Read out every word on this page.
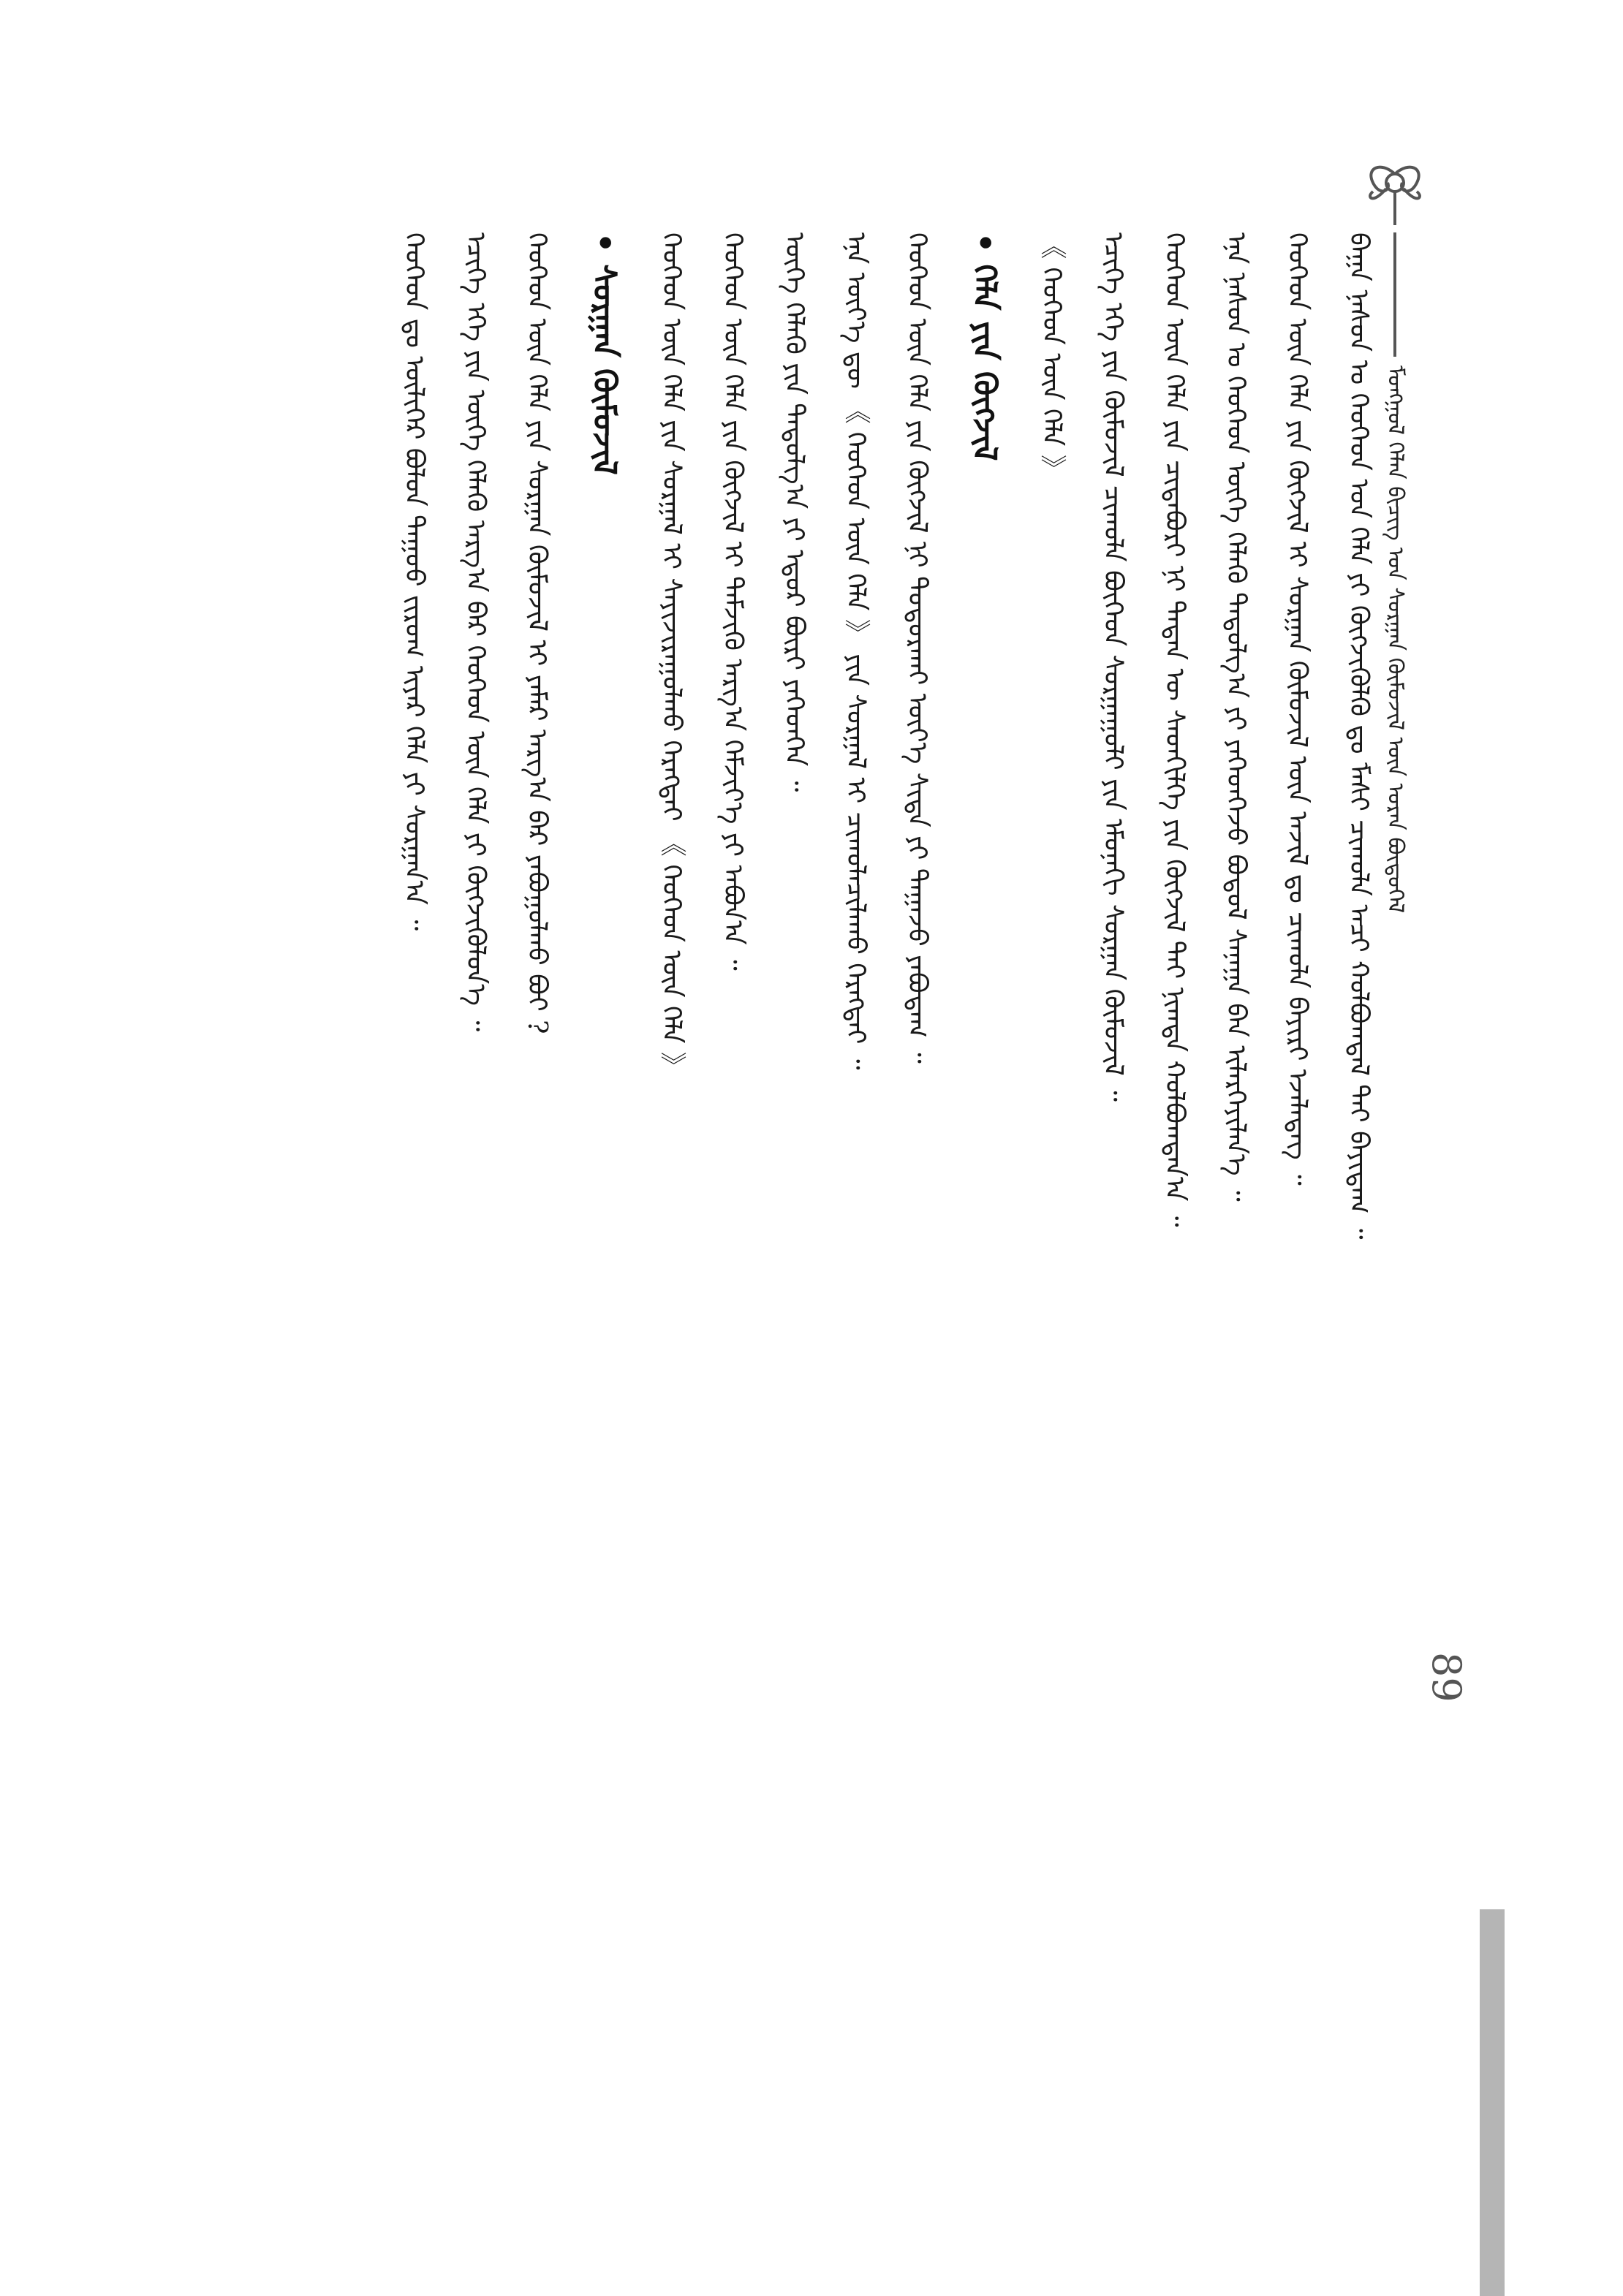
ᠮᠣᠩᠭᠣᠯ ᠬᠡᠯᠡᠨ ᠪᠢᠴᠢᠭ᠌ ᠤᠨ ᠰᠤᠷᠭᠠᠨ ᠬᠦᠮᠦᠵᠢᠯ ᠦᠨ ᠤᠷᠠᠨ ᠪᠦᠲᠦᠭᠡᠯ
ᠪᠠᠭᠠ ᠨᠠᠰᠤᠨ ᠤ ᠬᠡᠦᠬᠡᠳ ᠤᠨ ᠬᠡᠯᠡ ᠶᠢ ᠬᠥᠭᠵᠢᠭᠦᠯᠬᠦ ᠳᠤ ᠮᠠᠰᠢ ᠴᠢᠬᠤᠯᠠ ᠠᠴᠢ ᠬᠣᠯᠪᠣᠭᠳᠠᠯ ᠲᠠᠢ ᠪᠠᠶᠢᠳᠠᠭ ᠃
ᠬᠡᠦᠬᠡᠳ ᠦᠨ ᠬᠡᠯᠡ ᠶᠢᠨ ᠬᠥᠭᠵᠢᠯ ᠢ ᠰᠤᠷᠭᠠᠨ ᠬᠦᠮᠦᠵᠢᠯ ᠦᠨ ᠠᠵᠢᠯ ᠳᠤ ᠴᠢᠬᠤᠯᠠ ᠪᠠᠶᠢᠷᠢ ᠡᠵᠡᠯᠡᠳᠡᠭ ᠃
ᠡᠨᠡ ᠨᠠᠰᠤᠨ ᠤ ᠬᠡᠦᠬᠡᠳ ᠦᠭᠡ ᠬᠡᠯᠡᠬᠦ ᠳᠠᠳᠤᠯᠭ᠎ᠠ ᠶᠢ ᠶᠡᠬᠡᠳᠬᠡᠵᠦ ᠪᠣᠳᠤᠯ ᠰᠠᠨᠠᠭᠠ ᠪᠠᠨ ᠢᠯᠡᠷᠬᠡᠶᠢᠯᠡᠨ᠎ᠡ ᠃
ᠬᠡᠦᠬᠡᠳ ᠦᠨ ᠬᠡᠯᠡ ᠶᠢᠨ ᠴᠢᠳᠠᠪᠤᠷᠢ ᠨᠢ ᠲᠡᠳᠡᠨ ᠦ ᠰᠡᠳᠬᠢᠯᠭᠡ ᠶᠢᠨ ᠬᠥᠭᠵᠢᠯ ᠲᠡᠢ ᠨᠢᠭᠲᠠ ᠬᠣᠯᠪᠣᠭᠳᠠᠨ᠎ᠠ ᠃
ᠡᠴᠢᠭᠡ ᠡᠬᠡ ᠶᠢᠨ ᠬᠦᠮᠦᠵᠢᠯ ᠴᠢᠬᠤᠯᠠ ᠪᠥᠭᠡᠳ ᠰᠤᠷᠭᠠᠭᠤᠯᠢ ᠶᠢᠨ ᠡᠮᠦᠨᠡᠬᠢ ᠰᠤᠷᠭᠠᠨ ᠬᠦᠮᠦᠵᠢᠯ ᠃
《 ᠬᠡᠦᠬᠡᠳ ᠦᠨ ᠬᠡᠯᠡ 》
• ᠬᠡᠯᠡ ᠶᠢᠨ ᠬᠥᠭᠵᠢᠯ
ᠬᠡᠦᠬᠡᠳ ᠦᠨ ᠬᠡᠯᠡ ᠶᠢᠨ ᠬᠥᠭᠵᠢᠯ ᠨᠢ ᠲᠣᠳᠣᠷᠬᠠᠢ ᠦᠶ᠎ᠡ ᠰᠢᠳᠠ ᠶᠢ ᠳᠠᠭᠠᠵᠤ ᠶᠠᠪᠤᠳᠠᠭ ᠃
ᠡᠨᠡ ᠦᠶ᠎ᠡ ᠳᠦ 《 ᠬᠡᠦᠬᠡᠳ ᠦᠨ ᠬᠡᠯᠡ 》 ᠶᠢᠨ ᠰᠤᠷᠭᠠᠯ ᠢ ᠴᠢᠬᠤᠯᠠᠴᠢᠯᠠᠬᠤ ᠬᠡᠷᠡᠭᠲᠡᠢ ᠃
ᠦᠭᠡ ᠬᠡᠯᠡᠬᠦ ᠶᠢᠨ ᠳᠠᠳᠤᠯᠭ᠎ᠠ ᠶᠢ ᠡᠳᠦᠷ ᠪᠦᠷᠢ ᠶᠡᠬᠡᠳᠬᠡᠨ ᠃
ᠬᠡᠦᠬᠡᠳ ᠦᠨ ᠬᠡᠯᠡ ᠶᠢᠨ ᠬᠥᠭᠵᠢᠯ ᠢ ᠳᠡᠮᠵᠢᠬᠦ ᠠᠷᠭ᠎ᠠ ᠬᠡᠮᠵᠢᠶ᠎ᠡ ᠶᠢ ᠠᠪᠤᠨ᠎ᠠ ᠃
ᠬᠡᠦᠬᠡᠳ ᠦᠨ ᠬᠡᠯᠡ ᠶᠢᠨ ᠰᠤᠷᠭᠠᠯ ᠢ ᠰᠠᠶᠢᠵᠢᠷᠠᠭᠤᠯᠬᠤ ᠬᠡᠷᠡᠭᠲᠡᠢ 《 ᠬᠡᠦᠬᠡᠳ ᠦᠨ ᠬᠡᠯᠡ 》
• ᠰᠤᠷᠭᠠᠨ ᠬᠦᠮᠦᠵᠢᠯ
ᠬᠡᠦᠬᠡᠳ ᠦᠨ ᠬᠡᠯᠡ ᠶᠢᠨ ᠰᠤᠷᠭᠠᠨ ᠬᠦᠮᠦᠵᠢᠯ ᠢ ᠶᠠᠮᠠᠷ ᠠᠷᠭ᠎ᠠ ᠪᠠᠷ ᠶᠠᠪᠤᠭᠤᠯᠬᠤ ᠪᠤᠢ ?
ᠡᠴᠢᠭᠡ ᠡᠬᠡ ᠶᠢᠨ ᠦᠭᠡ ᠬᠡᠯᠡᠬᠦ ᠠᠷᠭ᠎ᠠ ᠪᠠᠷ ᠬᠡᠦᠬᠡᠳ ᠦᠨ ᠬᠡᠯᠡ ᠶᠢ ᠬᠥᠭᠵᠢᠭᠦᠯᠦᠨ᠎ᠡ ᠃
ᠬᠡᠦᠬᠡᠳ ᠳᠤ ᠦᠯᠢᠭᠡᠷ ᠪᠣᠯᠤᠨ ᠳᠠᠭᠤᠤ ᠵᠢᠷᠤᠭ ᠢᠶᠠᠷ ᠬᠡᠯᠡ ᠶᠢ ᠰᠤᠷᠭᠠᠨ᠎ᠠ ᠃
89
